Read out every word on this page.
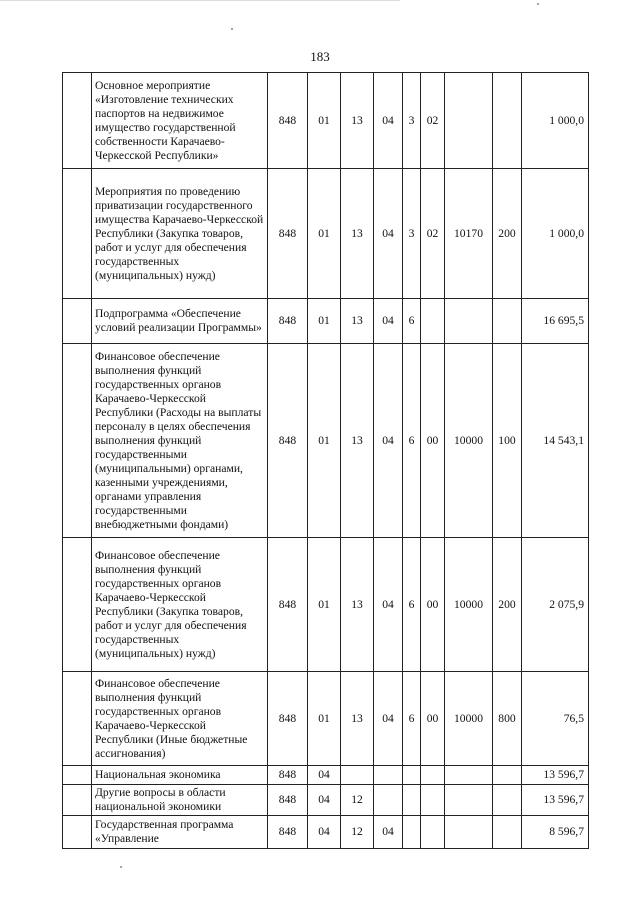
183
	Основное мероприятие «Изготовление технических паспортов на недвижимое имущество государственной собственности Карачаево-Черкесской Республики»	848	01	13	04	3	02			1 000,0
	Мероприятия по проведению приватизации государственного имущества Карачаево-Черкесской Республики (Закупка товаров, работ и услуг для обеспечения государственных (муниципальных) нужд)	848	01	13	04	3	02	10170	200	1 000,0
	Подпрограмма «Обеспечение условий реализации Программы»	848	01	13	04	6				16 695,5
	Финансовое обеспечение выполнения функций государственных органов Карачаево-Черкесской Республики (Расходы на выплаты персоналу в целях обеспечения выполнения функций государственными (муниципальными) органами, казенными учреждениями, органами управления государственными внебюджетными фондами)	848	01	13	04	6	00	10000	100	14 543,1
	Финансовое обеспечение выполнения функций государственных органов Карачаево-Черкесской Республики (Закупка товаров, работ и услуг для обеспечения государственных (муниципальных) нужд)	848	01	13	04	6	00	10000	200	2 075,9
	Финансовое обеспечение выполнения функций государственных органов Карачаево-Черкесской Республики (Иные бюджетные ассигнования)	848	01	13	04	6	00	10000	800	76,5
	Национальная экономика	848	04							13 596,7
	Другие вопросы в области национальной экономики	848	04	12						13 596,7
	Государственная программа «Управление	848	04	12	04					8 596,7
